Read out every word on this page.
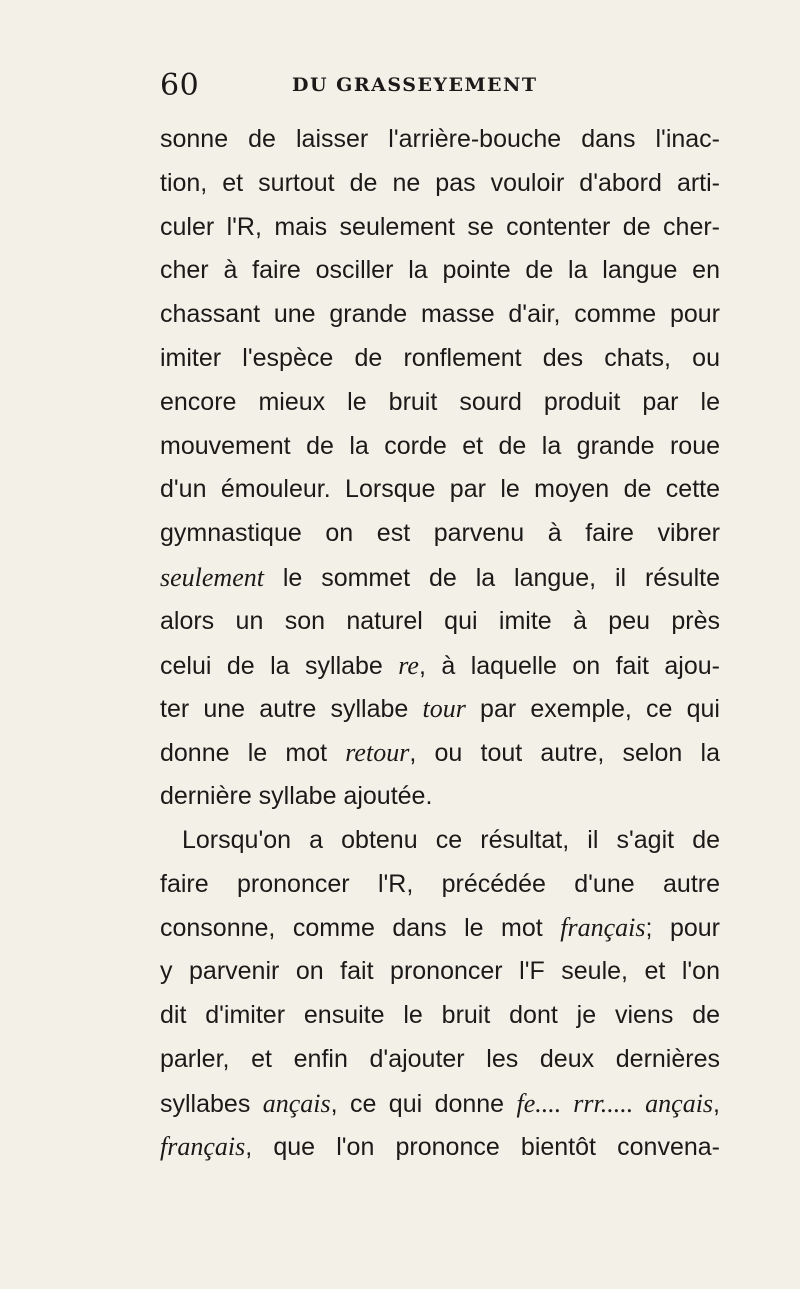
60	DU GRASSEYEMENT
sonne de laisser l'arrière-bouche dans l'inac-
tion, et surtout de ne pas vouloir d'abord arti-
culer l'R, mais seulement se contenter de cher-
cher à faire osciller la pointe de la langue en
chassant une grande masse d'air, comme pour
imiter l'espèce de ronflement des chats, ou
encore mieux le bruit sourd produit par le
mouvement de la corde et de la grande roue
d'un émouleur. Lorsque par le moyen de cette
gymnastique on est parvenu à faire vibrer
seulement le sommet de la langue, il résulte
alors un son naturel qui imite à peu près
celui de la syllabe re, à laquelle on fait ajou-
ter une autre syllabe tour par exemple, ce qui
donne le mot retour, ou tout autre, selon la
dernière syllabe ajoutée.
Lorsqu'on a obtenu ce résultat, il s'agit de
faire prononcer l'R, précédée d'une autre
consonne, comme dans le mot français; pour
y parvenir on fait prononcer l'F seule, et l'on
dit d'imiter ensuite le bruit dont je viens de
parler, et enfin d'ajouter les deux dernières
syllabes ançais, ce qui donne fe.... rrr..... ançais,
français, que l'on prononce bientôt convena-
